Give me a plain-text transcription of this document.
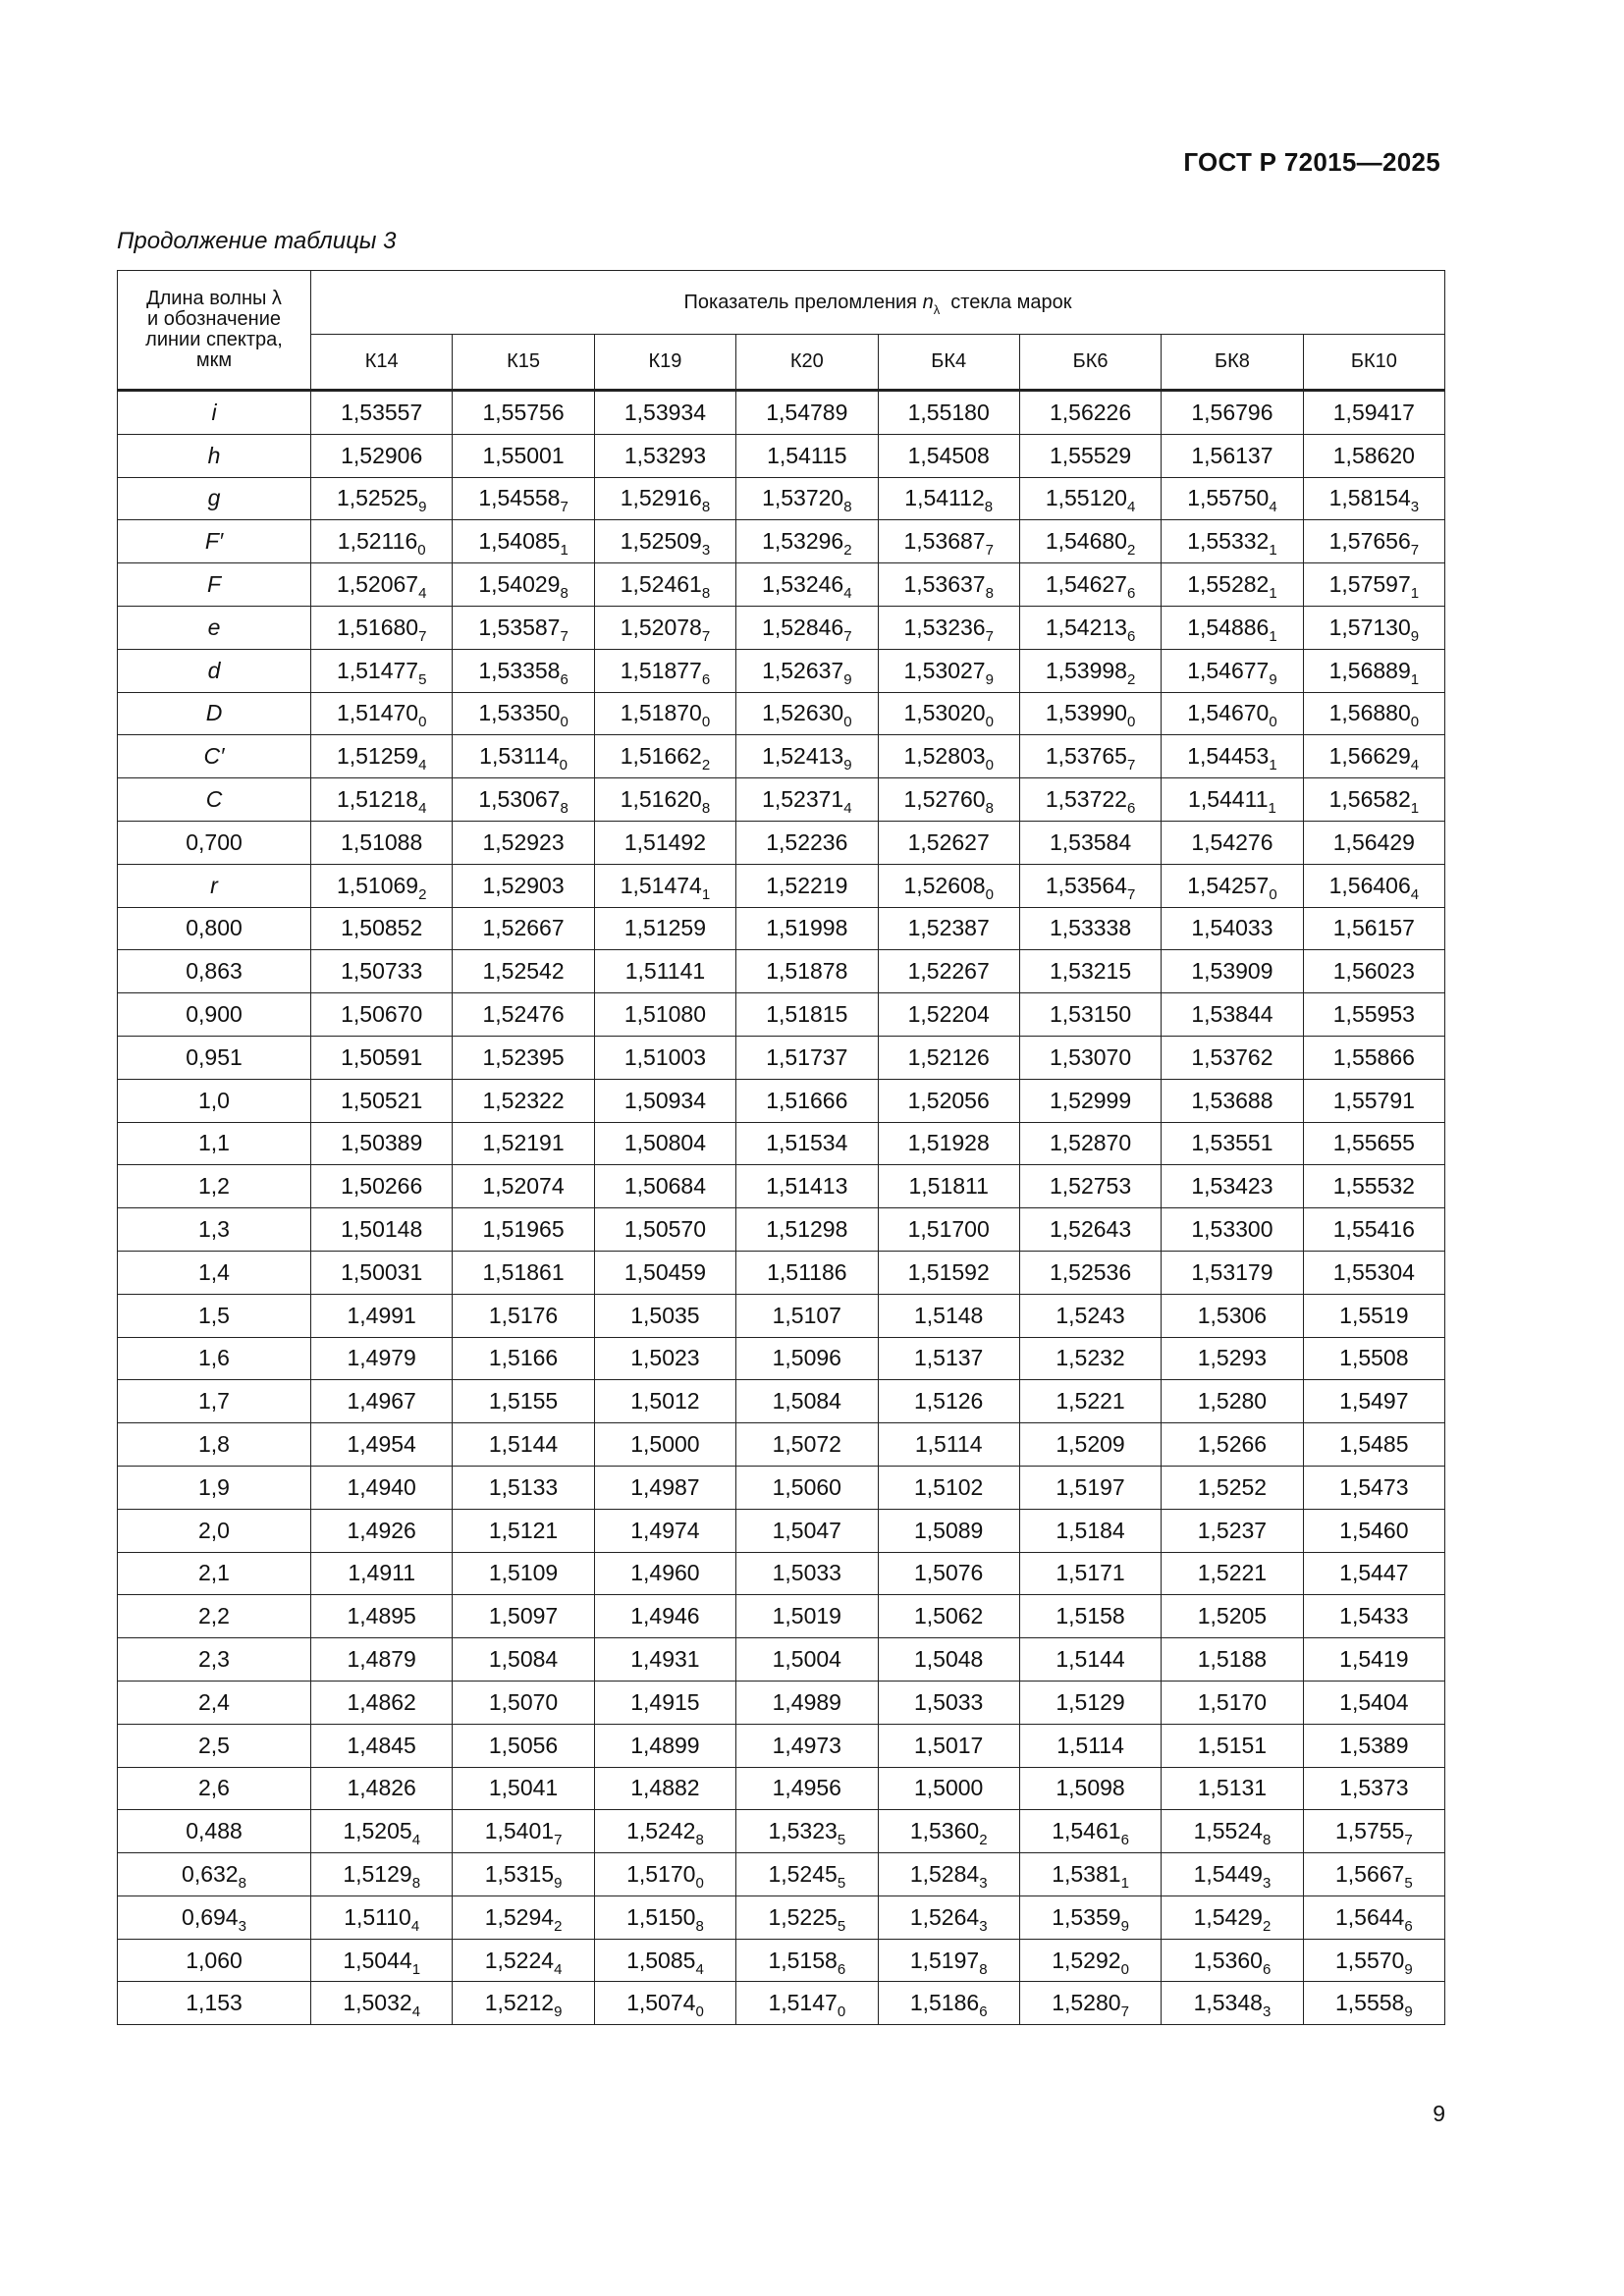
ГОСТ Р 72015—2025
Продолжение таблицы 3
Длина волны λ
и обозначение
линии спектра,
мкм	Показатель преломления $n_\lambda$  стекла марок							
	К14	К15	К19	К20	БК4	БК6	БК8	БК10
i	1,53557	1,55756	1,53934	1,54789	1,55180	1,56226	1,56796	1,59417
h	1,52906	1,55001	1,53293	1,54115	1,54508	1,55529	1,56137	1,58620
g	$1,52525_9$	$1,54558_7$	$1,52916_8$	$1,53720_8$	$1,54112_8$	$1,55120_4$	$1,55750_4$	$1,58154_3$
F′	$1,52116_0$	$1,54085_1$	$1,52509_3$	$1,53296_2$	$1,53687_7$	$1,54680_2$	$1,55332_1$	$1,57656_7$
F	$1,52067_4$	$1,54029_8$	$1,52461_8$	$1,53246_4$	$1,53637_8$	$1,54627_6$	$1,55282_1$	$1,57597_1$
e	$1,51680_7$	$1,53587_7$	$1,52078_7$	$1,52846_7$	$1,53236_7$	$1,54213_6$	$1,54886_1$	$1,57130_9$
d	$1,51477_5$	$1,53358_6$	$1,51877_6$	$1,52637_9$	$1,53027_9$	$1,53998_2$	$1,54677_9$	$1,56889_1$
D	$1,51470_0$	$1,53350_0$	$1,51870_0$	$1,52630_0$	$1,53020_0$	$1,53990_0$	$1,54670_0$	$1,56880_0$
C′	$1,51259_4$	$1,53114_0$	$1,51662_2$	$1,52413_9$	$1,52803_0$	$1,53765_7$	$1,54453_1$	$1,56629_4$
C	$1,51218_4$	$1,53067_8$	$1,51620_8$	$1,52371_4$	$1,52760_8$	$1,53722_6$	$1,54411_1$	$1,56582_1$
0,700	1,51088	1,52923	1,51492	1,52236	1,52627	1,53584	1,54276	1,56429
r	$1,51069_2$	1,52903	$1,51474_1$	1,52219	$1,52608_0$	$1,53564_7$	$1,54257_0$	$1,56406_4$
0,800	1,50852	1,52667	1,51259	1,51998	1,52387	1,53338	1,54033	1,56157
0,863	1,50733	1,52542	1,51141	1,51878	1,52267	1,53215	1,53909	1,56023
0,900	1,50670	1,52476	1,51080	1,51815	1,52204	1,53150	1,53844	1,55953
0,951	1,50591	1,52395	1,51003	1,51737	1,52126	1,53070	1,53762	1,55866
1,0	1,50521	1,52322	1,50934	1,51666	1,52056	1,52999	1,53688	1,55791
1,1	1,50389	1,52191	1,50804	1,51534	1,51928	1,52870	1,53551	1,55655
1,2	1,50266	1,52074	1,50684	1,51413	1,51811	1,52753	1,53423	1,55532
1,3	1,50148	1,51965	1,50570	1,51298	1,51700	1,52643	1,53300	1,55416
1,4	1,50031	1,51861	1,50459	1,51186	1,51592	1,52536	1,53179	1,55304
1,5	1,4991	1,5176	1,5035	1,5107	1,5148	1,5243	1,5306	1,5519
1,6	1,4979	1,5166	1,5023	1,5096	1,5137	1,5232	1,5293	1,5508
1,7	1,4967	1,5155	1,5012	1,5084	1,5126	1,5221	1,5280	1,5497
1,8	1,4954	1,5144	1,5000	1,5072	1,5114	1,5209	1,5266	1,5485
1,9	1,4940	1,5133	1,4987	1,5060	1,5102	1,5197	1,5252	1,5473
2,0	1,4926	1,5121	1,4974	1,5047	1,5089	1,5184	1,5237	1,5460
2,1	1,4911	1,5109	1,4960	1,5033	1,5076	1,5171	1,5221	1,5447
2,2	1,4895	1,5097	1,4946	1,5019	1,5062	1,5158	1,5205	1,5433
2,3	1,4879	1,5084	1,4931	1,5004	1,5048	1,5144	1,5188	1,5419
2,4	1,4862	1,5070	1,4915	1,4989	1,5033	1,5129	1,5170	1,5404
2,5	1,4845	1,5056	1,4899	1,4973	1,5017	1,5114	1,5151	1,5389
2,6	1,4826	1,5041	1,4882	1,4956	1,5000	1,5098	1,5131	1,5373
0,488	$1,5205_4$	$1,5401_7$	$1,5242_8$	$1,5323_5$	$1,5360_2$	$1,5461_6$	$1,5524_8$	$1,5755_7$
$0,632_8$	$1,5129_8$	$1,5315_9$	$1,5170_0$	$1,5245_5$	$1,5284_3$	$1,5381_1$	$1,5449_3$	$1,5667_5$
$0,694_3$	$1,5110_4$	$1,5294_2$	$1,5150_8$	$1,5225_5$	$1,5264_3$	$1,5359_9$	$1,5429_2$	$1,5644_6$
1,060	$1,5044_1$	$1,5224_4$	$1,5085_4$	$1,5158_6$	$1,5197_8$	$1,5292_0$	$1,5360_6$	$1,5570_9$
1,153	$1,5032_4$	$1,5212_9$	$1,5074_0$	$1,5147_0$	$1,5186_6$	$1,5280_7$	$1,5348_3$	$1,5558_9$
9
